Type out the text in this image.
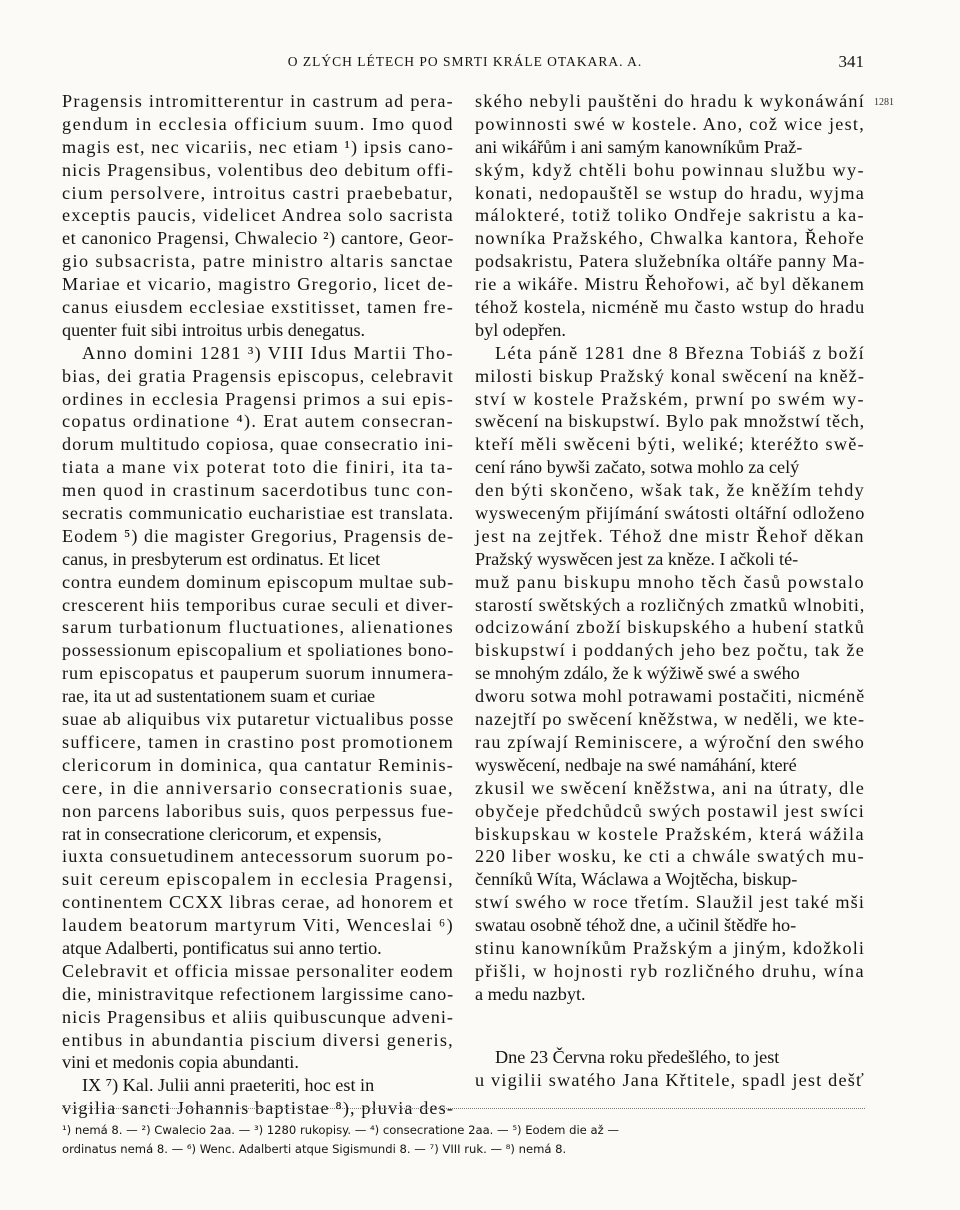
O ZLÝCH LÉTECH PO SMRTI KRÁLE OTAKARA. A.	341
1281
Pragensis intromitterentur in castrum ad pera-
gendum in ecclesia officium suum. Imo quod
magis est, nec vicariis, nec etiam ¹) ipsis cano-
nicis Pragensibus, volentibus deo debitum offi-
cium persolvere, introitus castri praebebatur,
exceptis paucis, videlicet Andrea solo sacrista
et canonico Pragensi, Chwalecio ²) cantore, Geor-
gio subsacrista, patre ministro altaris sanctae
Mariae et vicario, magistro Gregorio, licet de-
canus eiusdem ecclesiae exstitisset, tamen fre-
quenter fuit sibi introitus urbis denegatus.
Anno domini 1281 ³) VIII Idus Martii Tho-
bias, dei gratia Pragensis episcopus, celebravit
ordines in ecclesia Pragensi primos a sui epis-
copatus ordinatione ⁴). Erat autem consecran-
dorum multitudo copiosa, quae consecratio ini-
tiata a mane vix poterat toto die finiri, ita ta-
men quod in crastinum sacerdotibus tunc con-
secratis communicatio eucharistiae est translata.
Eodem ⁵) die magister Gregorius, Pragensis de-
canus, in presbyterum est ordinatus. Et licet
contra eundem dominum episcopum multae sub-
crescerent hiis temporibus curae seculi et diver-
sarum turbationum fluctuationes, alienationes
possessionum episcopalium et spoliationes bono-
rum episcopatus et pauperum suorum innumera-
rae, ita ut ad sustentationem suam et curiae
suae ab aliquibus vix putaretur victualibus posse
sufficere, tamen in crastino post promotionem
clericorum in dominica, qua cantatur Reminis-
cere, in die anniversario consecrationis suae,
non parcens laboribus suis, quos perpessus fue-
rat in consecratione clericorum, et expensis,
iuxta consuetudinem antecessorum suorum po-
suit cereum episcopalem in ecclesia Pragensi,
continentem CCXX libras cerae, ad honorem et
laudem beatorum martyrum Viti, Wenceslai ⁶)
atque Adalberti, pontificatus sui anno tertio.
Celebravit et officia missae personaliter eodem
die, ministravitque refectionem largissime cano-
nicis Pragensibus et aliis quibuscunque adveni-
entibus in abundantia piscium diversi generis,
vini et medonis copia abundanti.
IX ⁷) Kal. Julii anni praeteriti, hoc est in
vigilia sancti Johannis baptistae ⁸), pluvia des-
ského nebyli pauštěni do hradu k wykonáwání
powinnosti swé w kostele. Ano, což wice jest,
ani wikářům i ani samým kanowníkům Praž-
ským, když chtěli bohu powinnau službu wy-
konati, nedopauštěl se wstup do hradu, wyjma
málokteré, totiž toliko Ondřeje sakristu a ka-
nowníka Pražského, Chwalka kantora, Řehoře
podsakristu, Patera služebníka oltáře panny Ma-
rie a wikáře. Mistru Řehořowi, ač byl děkanem
téhož kostela, nicméně mu často wstup do hradu
byl odepřen.
Léta páně 1281 dne 8 Března Tobiáš z boží
milosti biskup Pražský konal swěcení na kněž-
ství w kostele Pražském, prwní po swém wy-
swěcení na biskupstwí. Bylo pak množstwí těch,
kteří měli swěceni býti, weliké; kteréžto swě-
cení ráno bywši začato, sotwa mohlo za celý
den býti skončeno, wšak tak, že kněžím tehdy
wysweceným přijímání swátosti oltářní odloženo
jest na zejtřek. Téhož dne mistr Řehoř děkan
Pražský wyswěcen jest za kněze. I ačkoli té-
muž panu biskupu mnoho těch časů powstalo
starostí swětských a rozličných zmatků wlnobiti,
odcizowání zboží biskupského a hubení statků
biskupstwí i poddaných jeho bez počtu, tak že
se mnohým zdálo, že k wýžiwě swé a swého
dworu sotwa mohl potrawami postačiti, nicméně
nazejtří po swěcení kněžstwa, w neděli, we kte-
rau zpíwají Reminiscere, a wýroční den swého
wyswěcení, nedbaje na swé namáhání, které
zkusil we swěcení kněžstwa, ani na útraty, dle
obyčeje předchůdců swých postawil jest swíci
biskupskau w kostele Pražském, která wážila
220 liber wosku, ke cti a chwále swatých mu-
čenníků Wíta, Wáclawa a Wojtěcha, biskup-
stwí swého w roce třetím. Slaužil jest také mši
swatau osobně téhož dne, a učinil štědře ho-
stinu kanowníkům Pražským a jiným, kdožkoli
přišli, w hojnosti ryb rozličného druhu, wína
a medu nazbyt.
Dne 23 Června roku předešlého, to jest
u vigilii swatého Jana Křtitele, spadl jest dešť
¹) nemá 8. — ²) Cwalecio 2aa. — ³) 1280 rukopisy. — ⁴) consecratione 2aa. — ⁵) Eodem die až —
ordinatus nemá 8. — ⁶) Wenc. Adalberti atque Sigismundi 8. — ⁷) VIII ruk. — ⁸) nemá 8.
